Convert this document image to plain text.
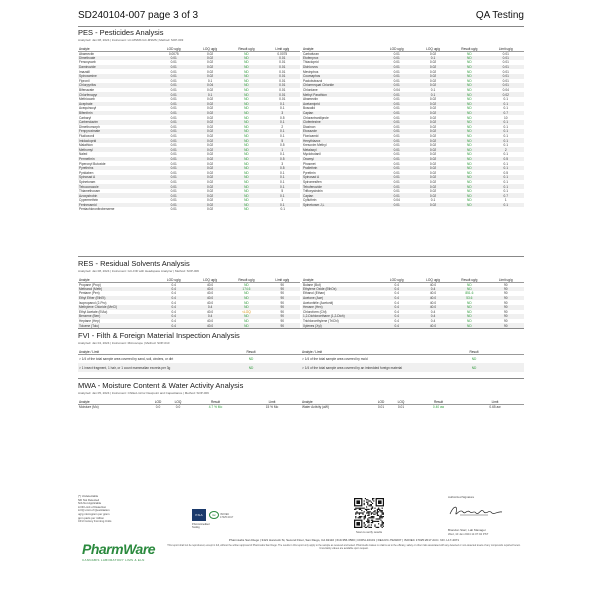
SD240104-007 page 3 of 3	QA Testing
PES - Pesticides Analysis
Analyzed: Jan 08, 2024 | Instrument: LC-MSMS GC-MSMS | Method: SOP-003
Analyte	LOD ug/g	LOQ ug/g	Result ug/g	Limit ug/g	Analyte	LOD ug/g	LOQ ug/g	Result ug/g	Limit ug/g
Abamectin	0.0075	0.02	ND	0.0075	Carbofuran	0.01	0.02	ND	0.01
Dimethoate	0.01	0.02	ND	0.01	Etofenprox	0.01	0.1	ND	0.01
Fenoxycarb	0.01	0.02	ND	0.01	Thiacloprid	0.01	0.02	ND	0.01
Daminozide	0.01	0.02	ND	0.01	Dichlorvos	0.01	0.02	ND	0.01
Imazalil	0.01	0.02	ND	0.01	Mevinphos	0.01	0.02	ND	0.01
Spiroxamine	0.01	0.02	ND	0.01	Coumaphos	0.01	0.02	ND	0.01
Fipronil	0.01	0.1	ND	0.01	Paclobutrazol	0.01	0.02	ND	0.01
Chlorpyrifos	0.01	0.04	ND	0.01	Chlormequat Chloride	0.01	0.02	ND	0.01
Bifenazate	0.01	0.02	ND	0.01	Chlordane	0.04	0.1	ND	0.04
Chlorfenapyr	0.01	0.1	ND	0.01	Methyl Parathion	0.01	0.1	ND	0.02
Methiocarb	0.01	0.02	ND	0.01	Abamectin	0.01	0.02	ND	0.1
Acephate	0.01	0.02	ND	0.1	Acetamiprid	0.01	0.02	ND	0.1
Acequinocyl	0.01	0.02	ND	0.1	Boscalid	0.01	0.02	ND	0.1
Bifenthrin	0.01	0.02	ND	3	Captan	0.01	0.02	ND	0.7
Carbaryl	0.01	0.02	ND	0.5	Chlorantraniliprole	0.01	0.02	ND	10
Carbendazim	0.01	0.02	ND	0.1	Clofentezine	0.01	0.02	ND	0.1
Dimethomorph	0.01	0.02	ND	2	Diazinon	0.01	0.02	ND	0.1
Fenpyroximate	0.01	0.02	ND	0.1	Etoxazole	0.01	0.02	ND	0.1
Fludioxonil	0.01	0.02	ND	0.1	Flonicamid	0.01	0.02	ND	0.1
Imidacloprid	0.01	0.02	ND	5	Hexythiazox	0.01	0.02	ND	0.1
Malathion	0.01	0.02	ND	0.5	Kresoxim Methyl	0.01	0.02	ND	0.1
Methomyl	0.01	0.02	ND	1	Metalaxyl	0.01	0.02	ND	2
Naled	0.01	0.02	ND	0.1	Myclobutanil	0.01	0.02	ND	0.1
Permethrin	0.01	0.02	ND	0.5	Oxamyl	0.01	0.02	ND	0.5
Piperonyl Butoxide	0.01	0.02	ND	3	Phosmet	0.01	0.02	ND	0.1
Pyrethrins	0.01	0.02	ND	0.5	Prallethrin	0.01	0.02	ND	0.1
Pyridaben	0.01	0.02	ND	0.1	Pyrethrin	0.01	0.02	ND	0.5
Spinosad A	0.01	0.02	ND	0.1	Spinosad A	0.01	0.02	ND	0.1
Spinetoram	0.01	0.02	ND	0.1	Spiromesifen	0.01	0.02	ND	0.1
Tebuconazole	0.01	0.02	ND	0.1	Tebufenozide	0.01	0.02	ND	0.1
Thiamethoxam	0.01	0.02	ND	5	Trifloxystrobin	0.01	0.02	ND	0.1
Azoxystrobin	0.01	0.02	ND	0.1	Captan	0.01	0.02	ND	0.7
Cypermethrin	0.01	0.02	ND	1	Cyfluthrin	0.04	0.1	ND	1
Fenhexamid	0.01	0.02	ND	0.1	Spinetoram J,L	0.01	0.02	ND	0.1
Pentachloronitrobenzene	0.01	0.02	ND	0.1					
RES - Residual Solvents Analysis
Analyzed: Jan 08, 2024 | Instrument: GC-FID with Headspace Analyzer | Method: SOP-006
Analyte	LOD ug/g	LOQ ug/g	Result ug/g	Limit ug/g	Analyte	LOD ug/g	LOQ ug/g	Result ug/g	Limit ug/g
Propane (Prop)	0.4	40.0	ND	90	Butane (But)	0.4	40.0	ND	90
Methanol (Meth)	0.4	40.0	174.6	90	Ethylene Oxide (EthOx)	0.4	0.4	ND	90
Pentane (Pen)	0.4	40.0	ND	90	Ethanol (Ethan)	0.4	40.0	851.6	90
Ethyl Ether (EthEt)	0.4	40.0	ND	90	Acetone (Ace)	0.4	40.0	53.6	90
Isopropanol (2-Pro)	0.4	40.0	ND	90	Acetonitrile (Acetonit)	0.4	40.0	ND	90
Methylene Chloride (MeCl)	0.4	0.4	ND	90	Hexane (Hex)	0.4	40.0	ND	90
Ethyl Acetate (EtAc)	0.4	40.0	<LOQ	90	Chloroform (Chl)	0.4	0.4	ND	90
Benzene (Ben)	0.4	0.4	ND	90	1,2-Dichloroethane (1,2-Dich)	0.4	0.4	ND	90
Heptane (Hep)	0.4	40.0	ND	90	Trichloroethylene (TriChl)	0.4	0.4	ND	90
Toluene (Tolu)	0.4	40.0	ND	90	Xylenes (Xyl)	0.4	40.0	ND	90
FVI - Filth & Foreign Material Inspection Analysis
Analyzed: Jan 04, 2024 | Instrument: Microscope | Method: SOP-010
Analyte / Limit	Result	Analyte / Limit	Result
> 1/4 of the total sample area covered by sand, soil, cinders, or dirt	ND	> 1/4 of the total sample area covered by mold	ND
> 1 insect fragment, 1 hair, or 1 count mammalian excreta per 3g	ND	> 1/4 of the total sample area covered by an imbedded foreign material	ND
MWA - Moisture Content & Water Activity Analysis
Analyzed: Jan 05, 2024 | Instrument: Chilled-mirror Dewpoint and Capacitance | Method: SOP-009
Analyte	LOD	LOQ	Result	Limit	Analyte	LOD	LOQ	Result	Limit
Moisture (Mo)	0.0	0.0	4.7 % Mo	15 % Mo	Water Activity (aW)	0.01	0.01	0.40 aw	0.65 aw
(*) Undetectable
ND Not Detected
N/A Not Applicable
LOD Limit of Detection
LOQ Limit of Quantitation
ug/g microgram per gram
ppm parts per million
CFU Colony Forming Units
PharmWare
CANNABIS LABORATORY LIMS & ELN
PJLA	ilac	ISO/IEC 17025:2017
PJLA Accredited Testing
Scan to verify results
Authorized Signature
Brandon Starr, Lab Manager
Wed, 10 Jan 2024 11:07:04 PST
PharmLabs San Diego | 3421 Hancock St, Second Floor, San Diego, CA 92110 | 619.356.3560 | CDPH-10101 | DEA RC-7920207 | ISO/IEC 17025:2017 ACC. NO. L17-4071
This report shall not be reproduced, except in full, without the written approval of PharmLabs San Diego. The results in this report only apply to the sample as received and tested. PharmLabs makes no claims as to the efficacy, safety or other risks associated with any detected or non-detected levels of any compounds reported herein. Uncertainty values are available upon request.
